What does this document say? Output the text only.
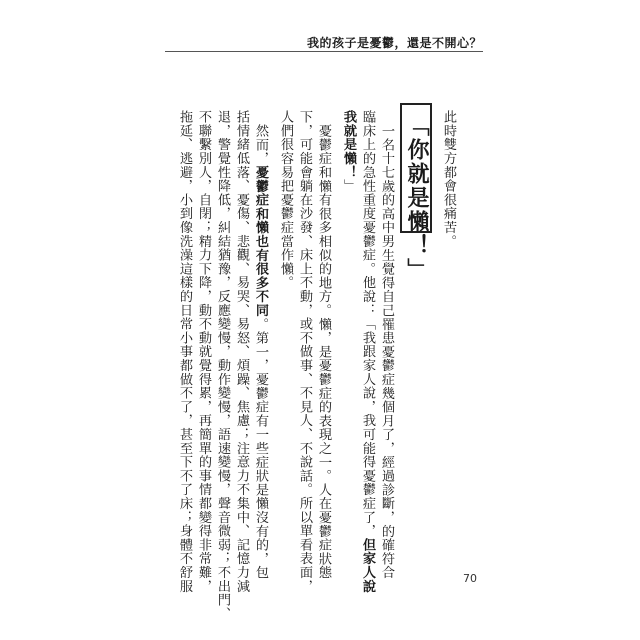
我的孩子是憂鬱，還是不開心？
此時雙方都會很痛苦。
「你就是懶！」
一名十七歲的高中男生覺得自己罹患憂鬱症幾個月了，經過診斷，的確符合
臨床上的急性重度憂鬱症。他說：「我跟家人說，我可能得憂鬱症了，但家人說
我就是懶！」
憂鬱症和懶有很多相似的地方。懶，是憂鬱症的表現之一。人在憂鬱症狀態
下，可能會躺在沙發、床上不動，或不做事、不見人、不說話。所以單看表面，
人們很容易把憂鬱症當作懶。
然而，憂鬱症和懶也有很多不同。第一，憂鬱症有一些症狀是懶沒有的，包
括情緒低落、憂傷、悲觀、易哭、易怒、煩躁、焦慮；注意力不集中、記憶力減
退，警覺性降低，糾結猶豫，反應變慢，動作變慢，語速變慢，聲音微弱；不出門、
不聯繫別人，自閉；精力下降，動不動就覺得累，再簡單的事情都變得非常難，
拖延、逃避，小到像洗澡這樣的日常小事都做不了，甚至下不了床；身體不舒服	70
